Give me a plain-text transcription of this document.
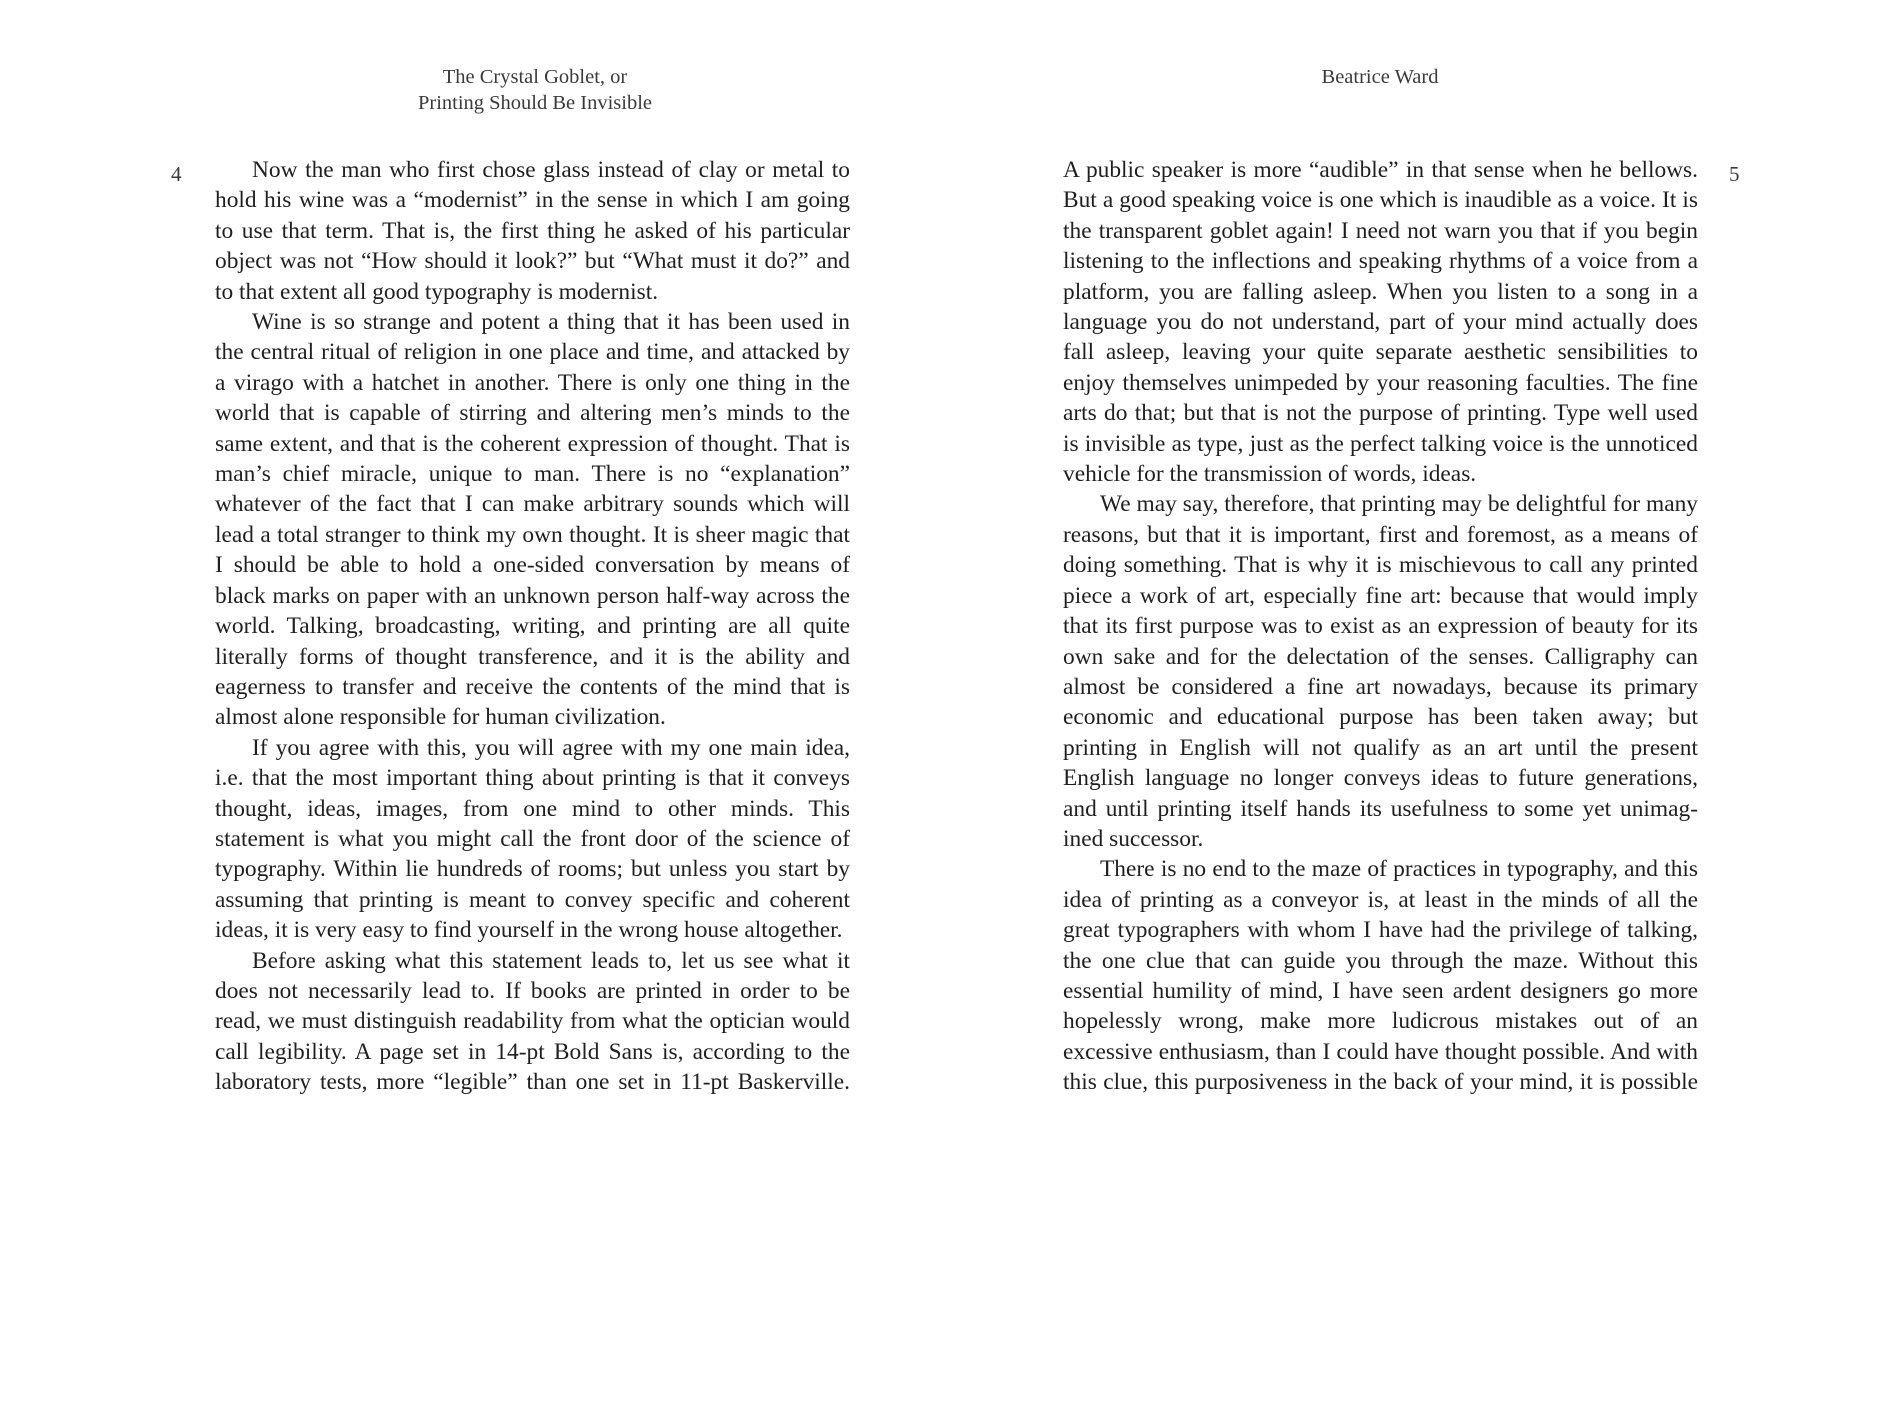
The Crystal Goblet, or
Printing Should Be Invisible
4	Now the man who first chose glass instead of clay or metal to hold his wine was a “modernist” in the sense in which I am going to use that term. That is, the first thing he asked of his particular object was not “How should it look?” but “What must it do?” and to that extent all good typography is modernist.

Wine is so strange and potent a thing that it has been used in the central ritual of religion in one place and time, and attacked by a virago with a hatchet in another. There is only one thing in the world that is capable of stirring and altering men’s minds to the same extent, and that is the coherent expression of thought. That is man’s chief miracle, unique to man. There is no “explanation” whatever of the fact that I can make arbitrary sounds which will lead a total stranger to think my own thought. It is sheer magic that I should be able to hold a one-sided conversation by means of black marks on paper with an unknown person half-way across the world. Talking, broadcasting, writing, and printing are all quite literally forms of thought transference, and it is the ability and eagerness to transfer and receive the contents of the mind that is almost alone responsible for human civilization.

If you agree with this, you will agree with my one main idea, i.e. that the most important thing about printing is that it conveys thought, ideas, images, from one mind to other minds. This statement is what you might call the front door of the science of typography. Within lie hundreds of rooms; but unless you start by assuming that printing is meant to convey specific and coherent ideas, it is very easy to find yourself in the wrong house altogether.

Before asking what this statement leads to, let us see what it does not necessarily lead to. If books are printed in order to be read, we must distinguish readability from what the optician would call legibility. A page set in 14-pt Bold Sans is, according to the laboratory tests, more “legible” than one set in 11-pt Baskerville.

Beatrice Ward
5

A public speaker is more “audible” in that sense when he bellows. But a good speaking voice is one which is inaudible as a voice. It is the transparent goblet again! I need not warn you that if you begin listening to the inflections and speaking rhythms of a voice from a platform, you are falling asleep. When you listen to a song in a language you do not understand, part of your mind actually does fall asleep, leaving your quite separate aesthetic sensibilities to enjoy themselves unimpeded by your reasoning faculties. The fine arts do that; but that is not the purpose of printing. Type well used is invisible as type, just as the perfect talking voice is the unnoticed vehicle for the transmission of words, ideas.

We may say, therefore, that printing may be delightful for many reasons, but that it is important, first and foremost, as a means of doing something. That is why it is mischievous to call any printed piece a work of art, especially fine art: because that would imply that its first purpose was to exist as an expression of beauty for its own sake and for the delectation of the senses. Calligraphy can almost be considered a fine art nowadays, because its primary economic and educational purpose has been taken away; but printing in English will not qualify as an art until the present English language no longer conveys ideas to future generations, and until printing itself hands its usefulness to some yet unimagined successor.

There is no end to the maze of practices in typography, and this idea of printing as a conveyor is, at least in the minds of all the great typographers with whom I have had the privilege of talking, the one clue that can guide you through the maze. Without this essential humility of mind, I have seen ardent designers go more hopelessly wrong, make more ludicrous mistakes out of an excessive enthusiasm, than I could have thought possible. And with this clue, this purposiveness in the back of your mind, it is possible
